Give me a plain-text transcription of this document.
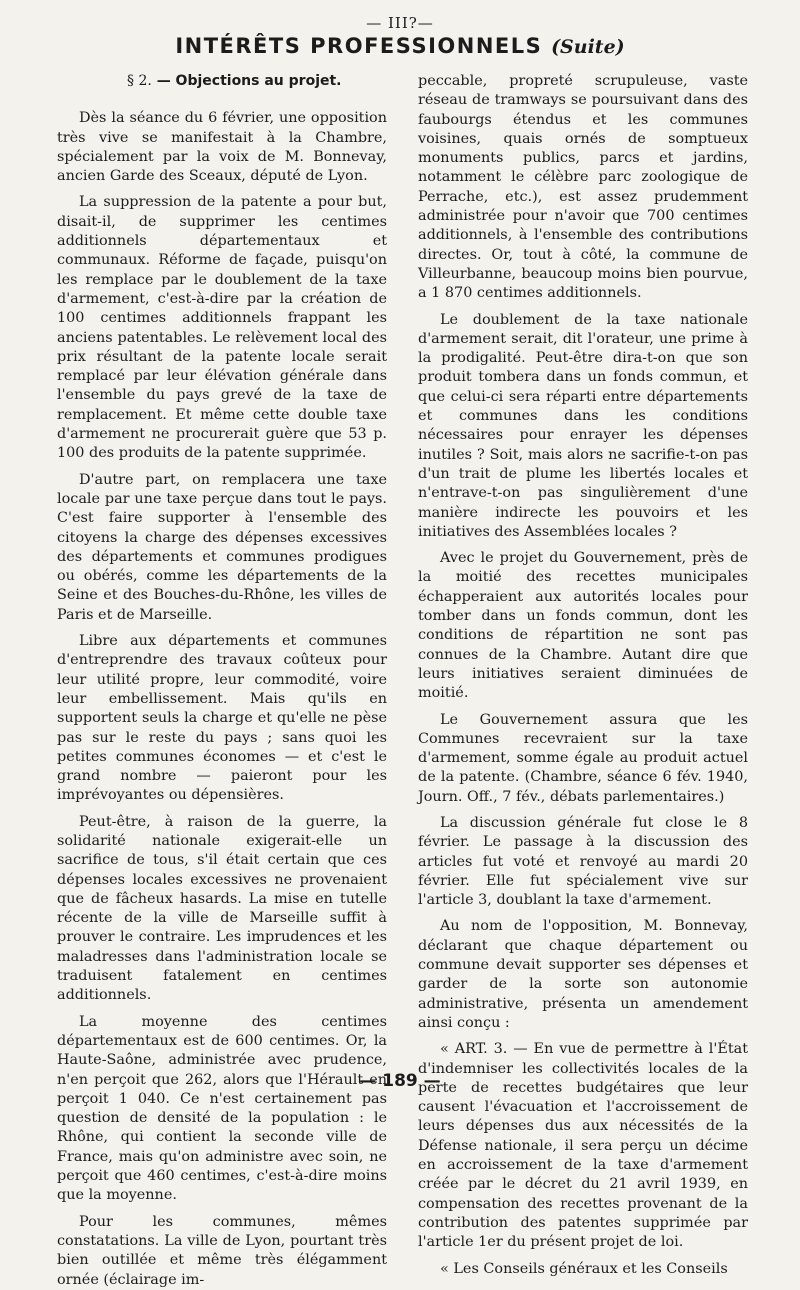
— III?—
INTÉRÊTS PROFESSIONNELS (Suite)
§ 2. — Objections au projet.

Dès la séance du 6 février, une opposition très vive se manifestait à la Chambre, spécialement par la voix de M. Bonnevay, ancien Garde des Sceaux, député de Lyon.

La suppression de la patente a pour but, disait-il, de supprimer les centimes additionnels départementaux et communaux. Réforme de façade, puisqu'on les remplace par le doublement de la taxe d'armement, c'est-à-dire par la création de 100 centimes additionnels frappant les anciens patentables. Le relèvement local des prix résultant de la patente locale serait remplacé par leur élévation générale dans l'ensemble du pays grevé de la taxe de remplacement. Et même cette double taxe d'armement ne procurerait guère que 53 p. 100 des produits de la patente supprimée.

D'autre part, on remplacera une taxe locale par une taxe perçue dans tout le pays. C'est faire supporter à l'ensemble des citoyens la charge des dépenses excessives des départements et communes prodigues ou obérés, comme les départements de la Seine et des Bouches-du-Rhône, les villes de Paris et de Marseille.

Libre aux départements et communes d'entreprendre des travaux coûteux pour leur utilité propre, leur commodité, voire leur embellissement. Mais qu'ils en supportent seuls la charge et qu'elle ne pèse pas sur le reste du pays ; sans quoi les petites communes économes — et c'est le grand nombre — paieront pour les imprévoyantes ou dépensières.

Peut-être, à raison de la guerre, la solidarité nationale exigerait-elle un sacrifice de tous, s'il était certain que ces dépenses locales excessives ne provenaient que de fâcheux hasards. La mise en tutelle récente de la ville de Marseille suffit à prouver le contraire. Les imprudences et les maladresses dans l'administration locale se traduisent fatalement en centimes additionnels.

La moyenne des centimes départementaux est de 600 centimes. Or, la Haute-Saône, administrée avec prudence, n'en perçoit que 262, alors que l'Hérault en perçoit 1 040. Ce n'est certainement pas question de densité de la population : le Rhône, qui contient la seconde ville de France, mais qu'on administre avec soin, ne perçoit que 460 centimes, c'est-à-dire moins que la moyenne.

Pour les communes, mêmes constatations. La ville de Lyon, pourtant très bien outillée et même très élégamment ornée (éclairage im-

peccable, propreté scrupuleuse, vaste réseau de tramways se poursuivant dans des faubourgs étendus et les communes voisines, quais ornés de somptueux monuments publics, parcs et jardins, notamment le célèbre parc zoologique de Perrache, etc.), est assez prudemment administrée pour n'avoir que 700 centimes additionnels, à l'ensemble des contributions directes. Or, tout à côté, la commune de Villeurbanne, beaucoup moins bien pourvue, a 1 870 centimes additionnels.

Le doublement de la taxe nationale d'armement serait, dit l'orateur, une prime à la prodigalité. Peut-être dira-t-on que son produit tombera dans un fonds commun, et que celui-ci sera réparti entre départements et communes dans les conditions nécessaires pour enrayer les dépenses inutiles ? Soit, mais alors ne sacrifie-t-on pas d'un trait de plume les libertés locales et n'entrave-t-on pas singulièrement d'une manière indirecte les pouvoirs et les initiatives des Assemblées locales ?

Avec le projet du Gouvernement, près de la moitié des recettes municipales échapperaient aux autorités locales pour tomber dans un fonds commun, dont les conditions de répartition ne sont pas connues de la Chambre. Autant dire que leurs initiatives seraient diminuées de moitié.

Le Gouvernement assura que les Communes recevraient sur la taxe d'armement, somme égale au produit actuel de la patente. (Chambre, séance 6 fév. 1940, Journ. Off., 7 fév., débats parlementaires.)

La discussion générale fut close le 8 février. Le passage à la discussion des articles fut voté et renvoyé au mardi 20 février. Elle fut spécialement vive sur l'article 3, doublant la taxe d'armement.

Au nom de l'opposition, M. Bonnevay, déclarant que chaque département ou commune devait supporter ses dépenses et garder de la sorte son autonomie administrative, présenta un amendement ainsi conçu :

« ART. 3. — En vue de permettre à l'État d'indemniser les collectivités locales de la perte de recettes budgétaires que leur causent l'évacuation et l'accroissement de leurs dépenses dus aux nécessités de la Défense nationale, il sera perçu un décime en accroissement de la taxe d'armement créée par le décret du 21 avril 1939, en compensation des recettes provenant de la contribution des patentes supprimée par l'article 1er du présent projet de loi.

« Les Conseils généraux et les Conseils

— 189 —
